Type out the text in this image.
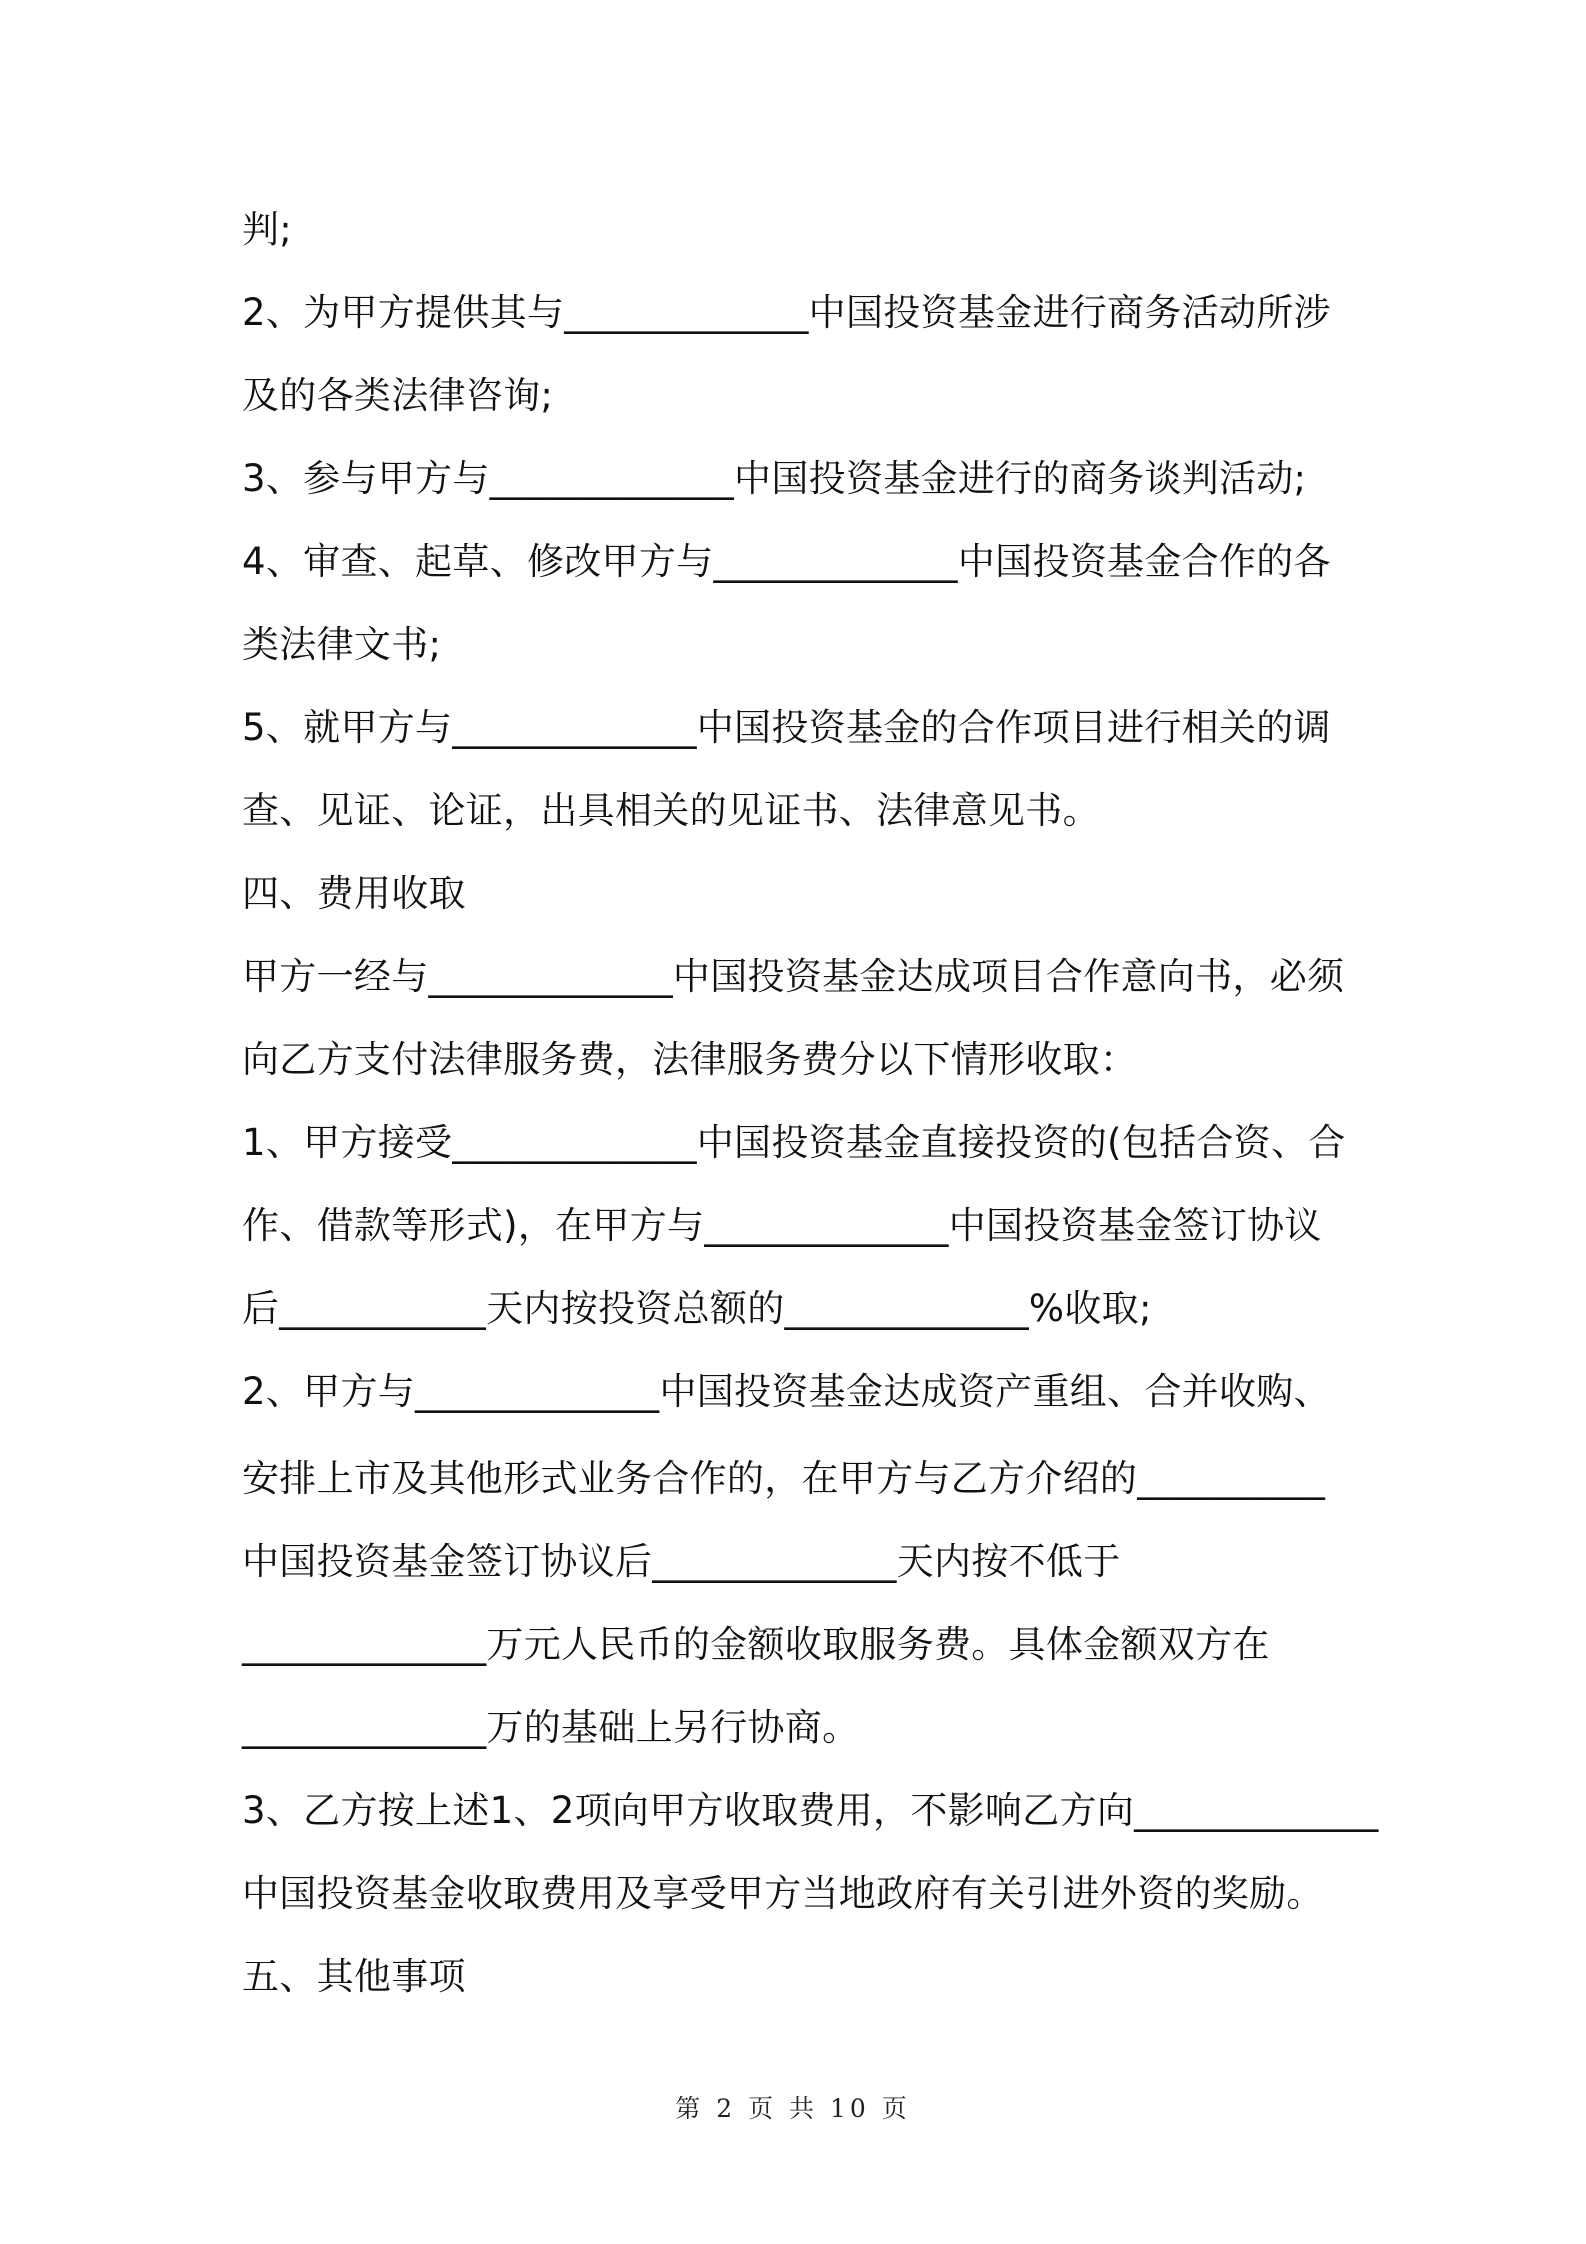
判;

2、为甲方提供其与_____________中国投资基金进行商务活动所涉

及的各类法律咨询;

3、参与甲方与_____________中国投资基金进行的商务谈判活动;

4、审查、起草、修改甲方与_____________中国投资基金合作的各

类法律文书;

5、就甲方与_____________中国投资基金的合作项目进行相关的调

查、见证、论证，出具相关的见证书、法律意见书。

四、费用收取

甲方一经与_____________中国投资基金达成项目合作意向书，必须

向乙方支付法律服务费，法律服务费分以下情形收取：

1、甲方接受_____________中国投资基金直接投资的(包括合资、合

作、借款等形式)，在甲方与_____________中国投资基金签订协议

后___________天内按投资总额的_____________%收取;

2、甲方与_____________中国投资基金达成资产重组、合并收购、

安排上市及其他形式业务合作的，在甲方与乙方介绍的__________

中国投资基金签订协议后_____________天内按不低于

_____________万元人民币的金额收取服务费。具体金额双方在

_____________万的基础上另行协商。

3、乙方按上述1、2项向甲方收取费用，不影响乙方向_____________

中国投资基金收取费用及享受甲方当地政府有关引进外资的奖励。

五、其他事项

第 2 页 共 10 页
